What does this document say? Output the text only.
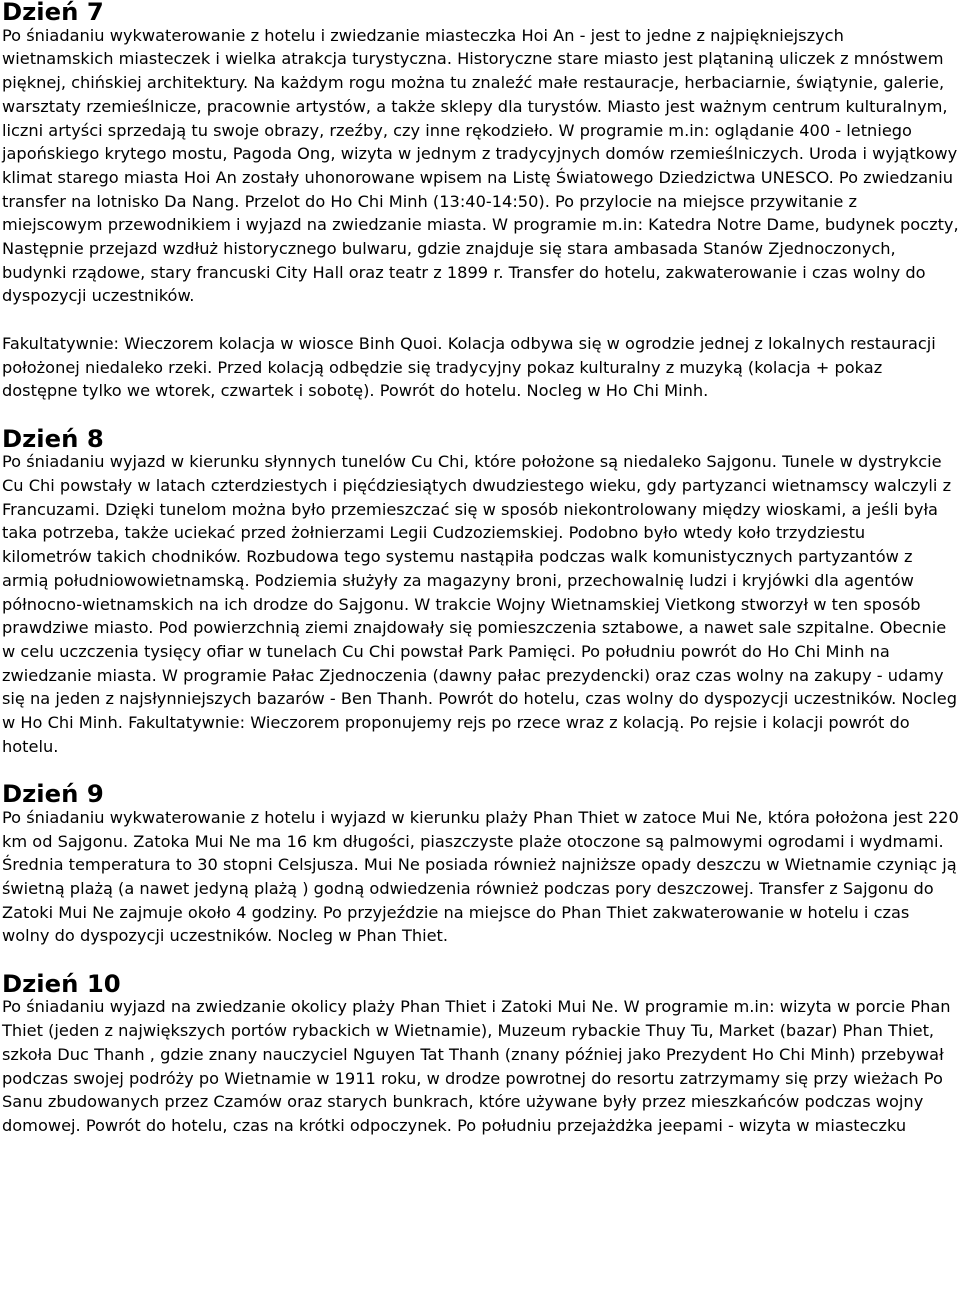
Dzień 7

Po śniadaniu wykwaterowanie z hotelu i zwiedzanie miasteczka Hoi An - jest to jedne z najpiękniejszych wietnamskich miasteczek i wielka atrakcja turystyczna. Historyczne stare miasto jest plątaniną uliczek z mnóstwem pięknej, chińskiej architektury. Na każdym rogu można tu znaleźć małe restauracje, herbaciarnie, świątynie, galerie, warsztaty rzemieślnicze, pracownie artystów, a także sklepy dla turystów. Miasto jest ważnym centrum kulturalnym, liczni artyści sprzedają tu swoje obrazy, rzeźby, czy inne rękodzieło. W programie m.in: oglądanie 400 - letniego japońskiego krytego mostu, Pagoda Ong, wizyta w jednym z tradycyjnych domów rzemieślniczych. Uroda i wyjątkowy klimat starego miasta Hoi An zostały uhonorowane wpisem na Listę Światowego Dziedzictwa UNESCO. Po zwiedzaniu transfer na lotnisko Da Nang. Przelot do Ho Chi Minh (13:40-14:50). Po przylocie na miejsce przywitanie z miejscowym przewodnikiem i wyjazd na zwiedzanie miasta. W programie m.in: Katedra Notre Dame, budynek poczty, Następnie przejazd wzdłuż historycznego bulwaru, gdzie znajduje się stara ambasada Stanów Zjednoczonych, budynki rządowe, stary francuski City Hall oraz teatr z 1899 r. Transfer do hotelu, zakwaterowanie i czas wolny do dyspozycji uczestników.

Fakultatywnie: Wieczorem kolacja w wiosce Binh Quoi. Kolacja odbywa się w ogrodzie jednej z lokalnych restauracji położonej niedaleko rzeki. Przed kolacją odbędzie się tradycyjny pokaz kulturalny z muzyką (kolacja + pokaz dostępne tylko we wtorek, czwartek i sobotę). Powrót do hotelu. Nocleg w Ho Chi Minh.

Dzień 8

Po śniadaniu wyjazd w kierunku słynnych tunelów Cu Chi, które położone są niedaleko Sajgonu. Tunele w dystrykcie Cu Chi powstały w latach czterdziestych i pięćdziesiątych dwudziestego wieku, gdy partyzanci wietnamscy walczyli z Francuzami. Dzięki tunelom można było przemieszczać się w sposób niekontrolowany między wioskami, a jeśli była taka potrzeba, także uciekać przed żołnierzami Legii Cudzoziemskiej. Podobno było wtedy koło trzydziestu kilometrów takich chodników. Rozbudowa tego systemu nastąpiła podczas walk komunistycznych partyzantów z armią południowowietnamską. Podziemia służyły za magazyny broni, przechowalnię ludzi i kryjówki dla agentów północno-wietnamskich na ich drodze do Sajgonu. W trakcie Wojny Wietnamskiej Vietkong stworzył w ten sposób prawdziwe miasto. Pod powierzchnią ziemi znajdowały się pomieszczenia sztabowe, a nawet sale szpitalne. Obecnie w celu uczczenia tysięcy ofiar w tunelach Cu Chi powstał Park Pamięci. Po południu powrót do Ho Chi Minh na zwiedzanie miasta. W programie Pałac Zjednoczenia (dawny pałac prezydencki) oraz czas wolny na zakupy - udamy się na jeden z najsłynniejszych bazarów - Ben Thanh. Powrót do hotelu, czas wolny do dyspozycji uczestników. Nocleg w Ho Chi Minh. Fakultatywnie: Wieczorem proponujemy rejs po rzece wraz z kolacją. Po rejsie i kolacji powrót do hotelu.

Dzień 9

Po śniadaniu wykwaterowanie z hotelu i wyjazd w kierunku plaży Phan Thiet w zatoce Mui Ne, która położona jest 220 km od Sajgonu. Zatoka Mui Ne ma 16 km długości, piaszczyste plaże otoczone są palmowymi ogrodami i wydmami. Średnia temperatura to 30 stopni Celsjusza. Mui Ne posiada również najniższe opady deszczu w Wietnamie czyniąc ją świetną plażą (a nawet jedyną plażą ) godną odwiedzenia również podczas pory deszczowej. Transfer z Sajgonu do Zatoki Mui Ne zajmuje około 4 godziny. Po przyjeździe na miejsce do Phan Thiet zakwaterowanie w hotelu i czas wolny do dyspozycji uczestników. Nocleg w Phan Thiet.

Dzień 10

Po śniadaniu wyjazd na zwiedzanie okolicy plaży Phan Thiet i Zatoki Mui Ne. W programie m.in: wizyta w porcie Phan Thiet (jeden z największych portów rybackich w Wietnamie), Muzeum rybackie Thuy Tu, Market (bazar) Phan Thiet, szkoła Duc Thanh , gdzie znany nauczyciel Nguyen Tat Thanh (znany później jako Prezydent Ho Chi Minh) przebywał podczas swojej podróży po Wietnamie w 1911 roku, w drodze powrotnej do resortu zatrzymamy się przy wieżach Po Sanu zbudowanych przez Czamów oraz starych bunkrach, które używane były przez mieszkańców podczas wojny domowej. Powrót do hotelu, czas na krótki odpoczynek. Po południu przejażdżka jeepami - wizyta w miasteczku
